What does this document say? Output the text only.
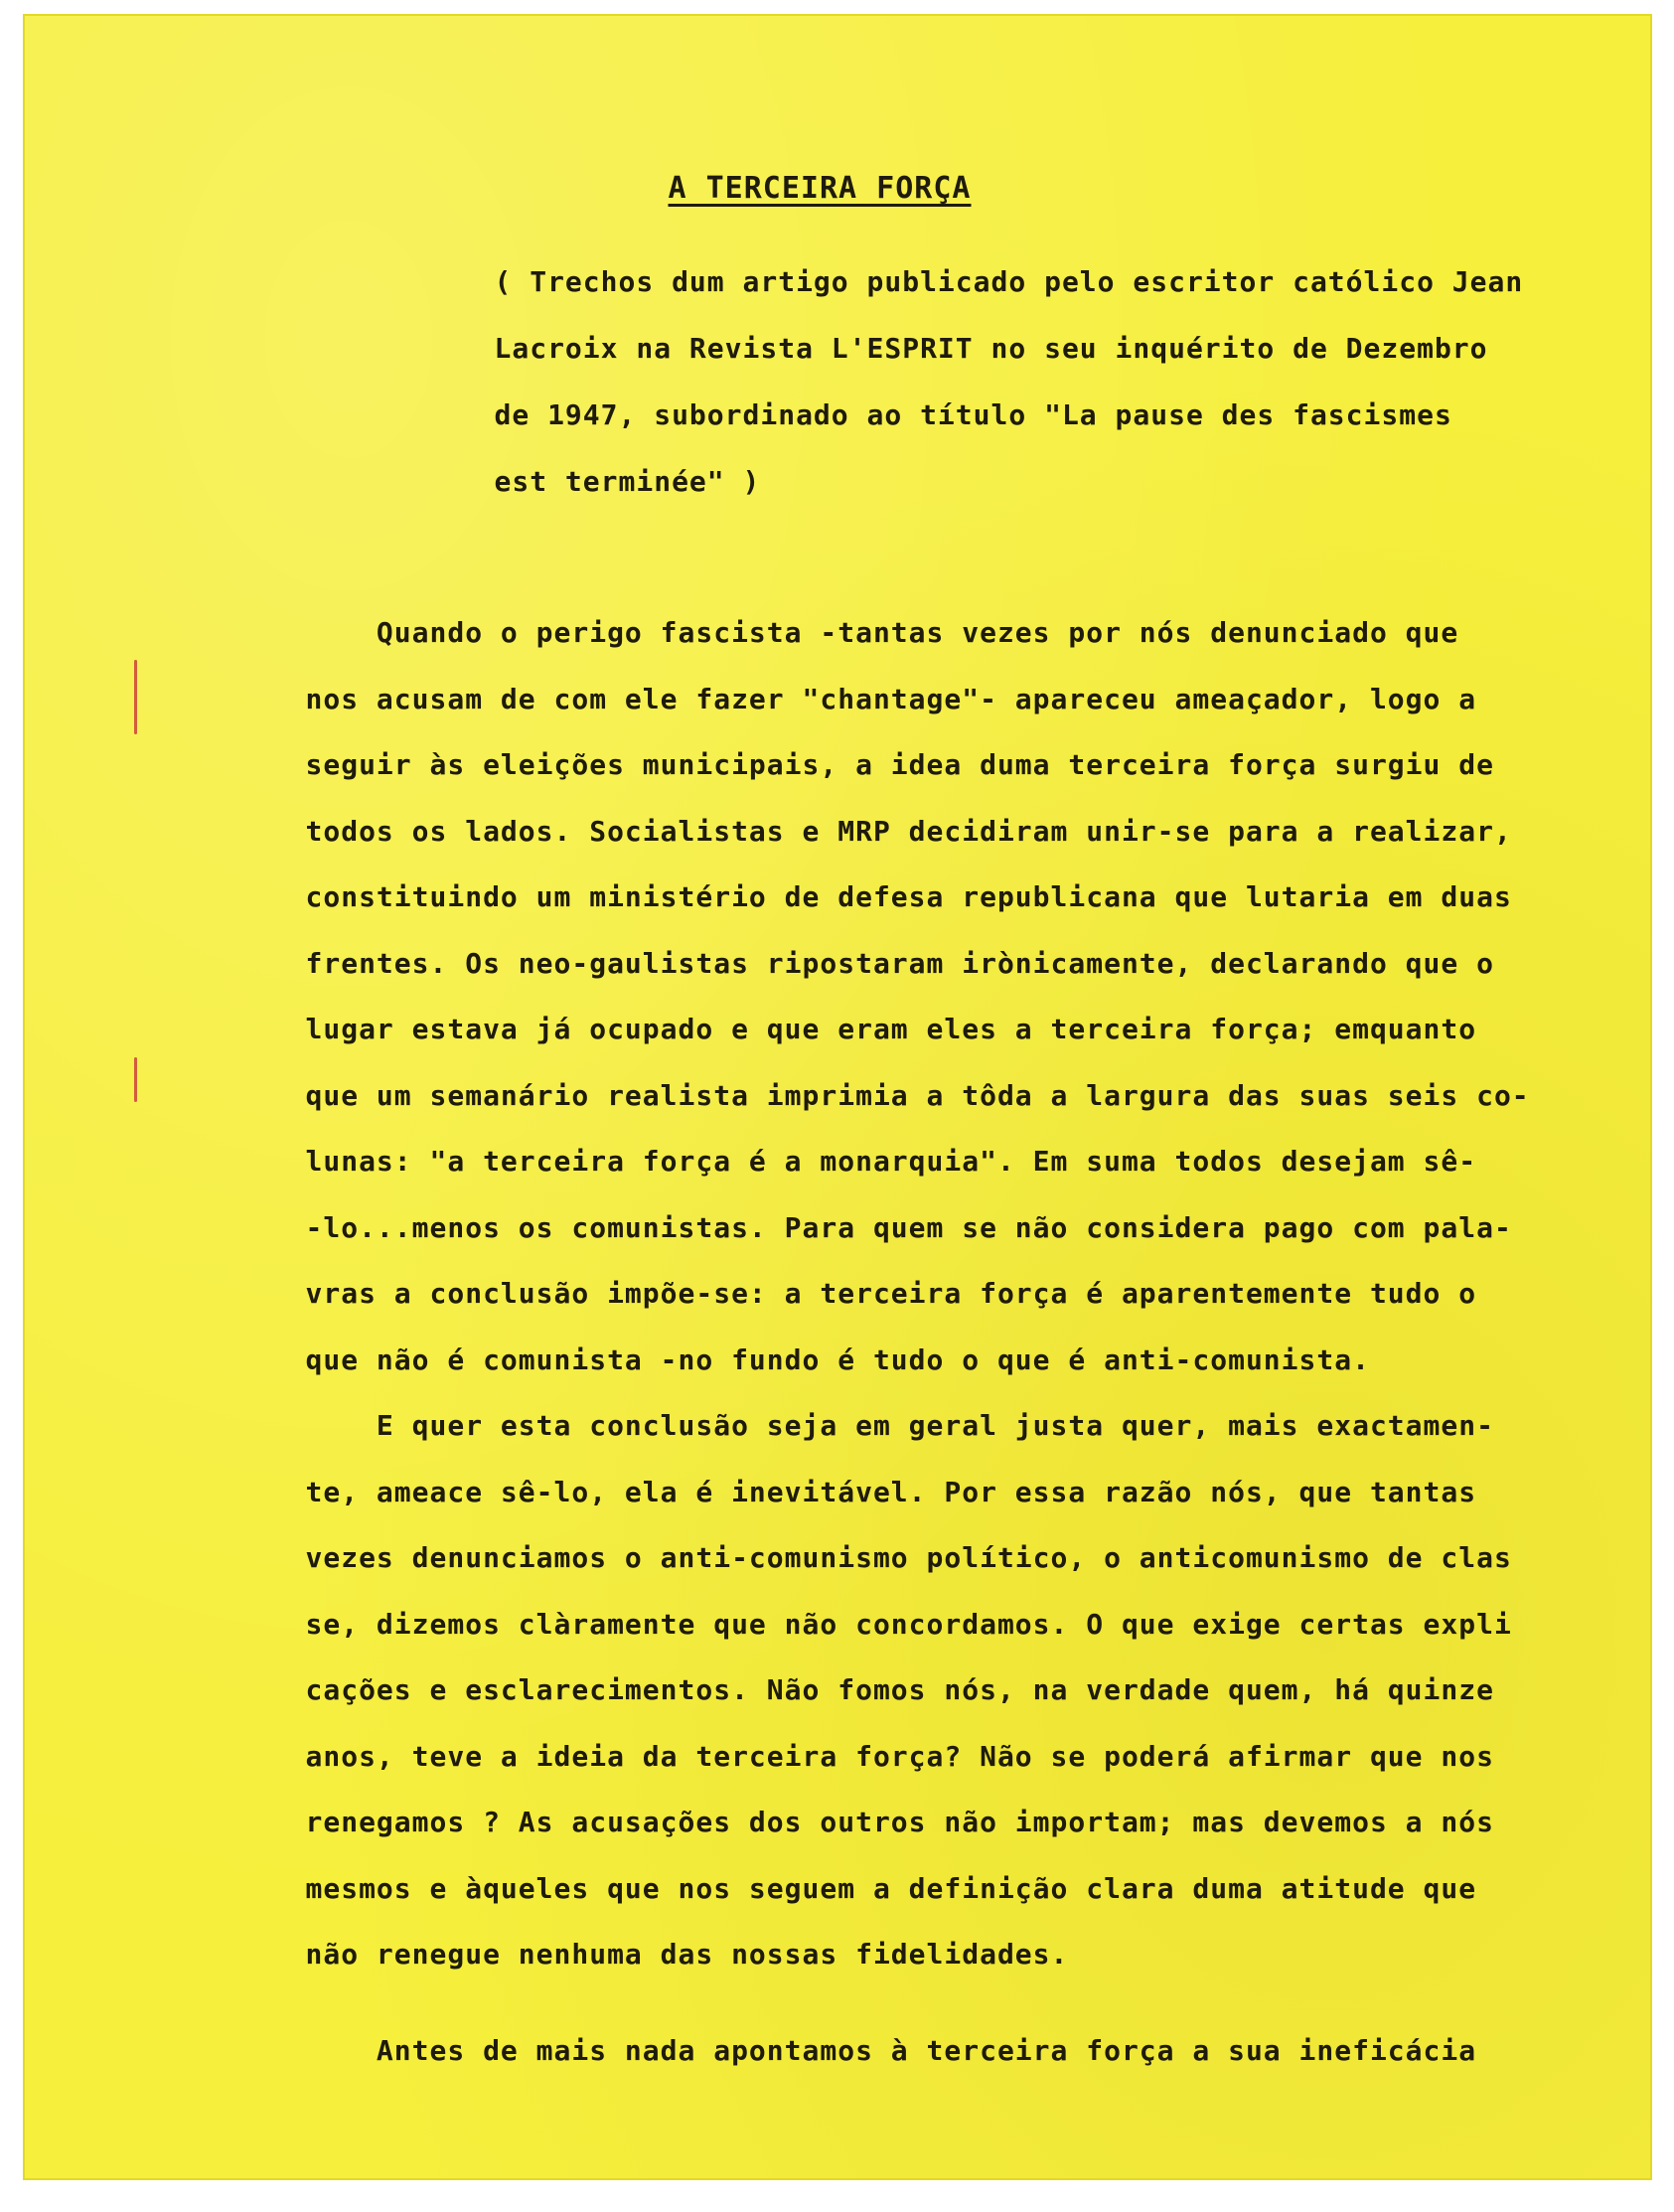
A TERCEIRA FORÇA
( Trechos dum artigo publicado pelo escritor católico Jean
Lacroix na Revista L'ESPRIT no seu inquérito de Dezembro
de 1947, subordinado ao título "La pause des fascismes
est terminée" )
Quando o perigo fascista -tantas vezes por nós denunciado que
nos acusam de com ele fazer "chantage"- apareceu ameaçador, logo a
seguir às eleições municipais, a idea duma terceira força surgiu de
todos os lados. Socialistas e MRP decidiram unir-se para a realizar,
constituindo um ministério de defesa republicana que lutaria em duas
frentes. Os neo-gaulistas ripostaram irònicamente, declarando que o
lugar estava já ocupado e que eram eles a terceira força; emquanto
que um semanário realista imprimia a tôda a largura das suas seis co-
lunas: "a terceira força é a monarquia". Em suma todos desejam sê-
-lo...menos os comunistas. Para quem se não considera pago com pala-
vras a conclusão impõe-se: a terceira força é aparentemente tudo o
que não é comunista -no fundo é tudo o que é anti-comunista.
E quer esta conclusão seja em geral justa quer, mais exactamen-
te, ameace sê-lo, ela é inevitável. Por essa razão nós, que tantas
vezes denunciamos o anti-comunismo político, o anticomunismo de clas
se, dizemos clàramente que não concordamos. O que exige certas expli
cações e esclarecimentos. Não fomos nós, na verdade quem, há quinze
anos, teve a ideia da terceira força? Não se poderá afirmar que nos
renegamos ? As acusações dos outros não importam; mas devemos a nós
mesmos e àqueles que nos seguem a definição clara duma atitude que
não renegue nenhuma das nossas fidelidades.
Antes de mais nada apontamos à terceira força a sua ineficácia
